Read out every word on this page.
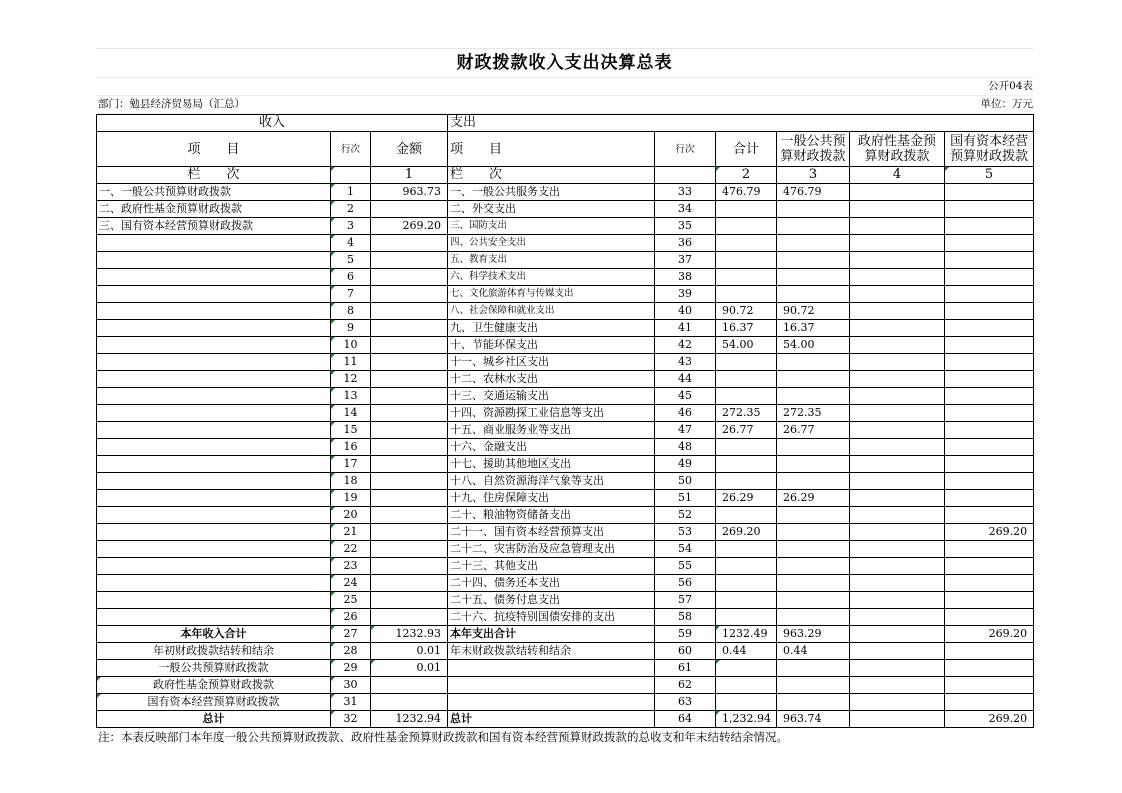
财政拨款收入支出决算总表
公开04表
部门：勉县经济贸易局（汇总）	单位：万元
收入			支出					
项　　目	行次	金额	项　　目	行次	合计	一般公共预算财政拨款	政府性基金预算财政拨款	国有资本经营预算财政拨款
栏　　次		1	栏　　次		2	3	4	5
一、一般公共预算财政拨款	1	963.73	一、一般公共服务支出	33	476.79	476.79		
二、政府性基金预算财政拨款	2		二、外交支出	34				
三、国有资本经营预算财政拨款	3	269.20	三、国防支出	35				
	4		四、公共安全支出	36				
	5		五、教育支出	37				
	6		六、科学技术支出	38				
	7		七、文化旅游体育与传媒支出	39				
	8		八、社会保障和就业支出	40	90.72	90.72		
	9		九、卫生健康支出	41	16.37	16.37		
	10		十、节能环保支出	42	54.00	54.00		
	11		十一、城乡社区支出	43				
	12		十二、农林水支出	44				
	13		十三、交通运输支出	45				
	14		十四、资源勘探工业信息等支出	46	272.35	272.35		
	15		十五、商业服务业等支出	47	26.77	26.77		
	16		十六、金融支出	48				
	17		十七、援助其他地区支出	49				
	18		十八、自然资源海洋气象等支出	50				
	19		十九、住房保障支出	51	26.29	26.29		
	20		二十、粮油物资储备支出	52				
	21		二十一、国有资本经营预算支出	53	269.20			269.20
	22		二十二、灾害防治及应急管理支出	54				
	23		二十三、其他支出	55				
	24		二十四、债务还本支出	56				
	25		二十五、债务付息支出	57				
	26		二十六、抗疫特别国债安排的支出	58				
本年收入合计	27	1232.93	本年支出合计	59	1232.49	963.29		269.20
年初财政拨款结转和结余	28	0.01	年末财政拨款结转和结余	60	0.44	0.44		
一般公共预算财政拨款	29	0.01		61				
政府性基金预算财政拨款	30			62				
国有资本经营预算财政拨款	31			63				
总计	32	1232.94	总计	64	1,232.94	963.74		269.20
注：本表反映部门本年度一般公共预算财政拨款、政府性基金预算财政拨款和国有资本经营预算财政拨款的总收支和年末结转结余情况。
